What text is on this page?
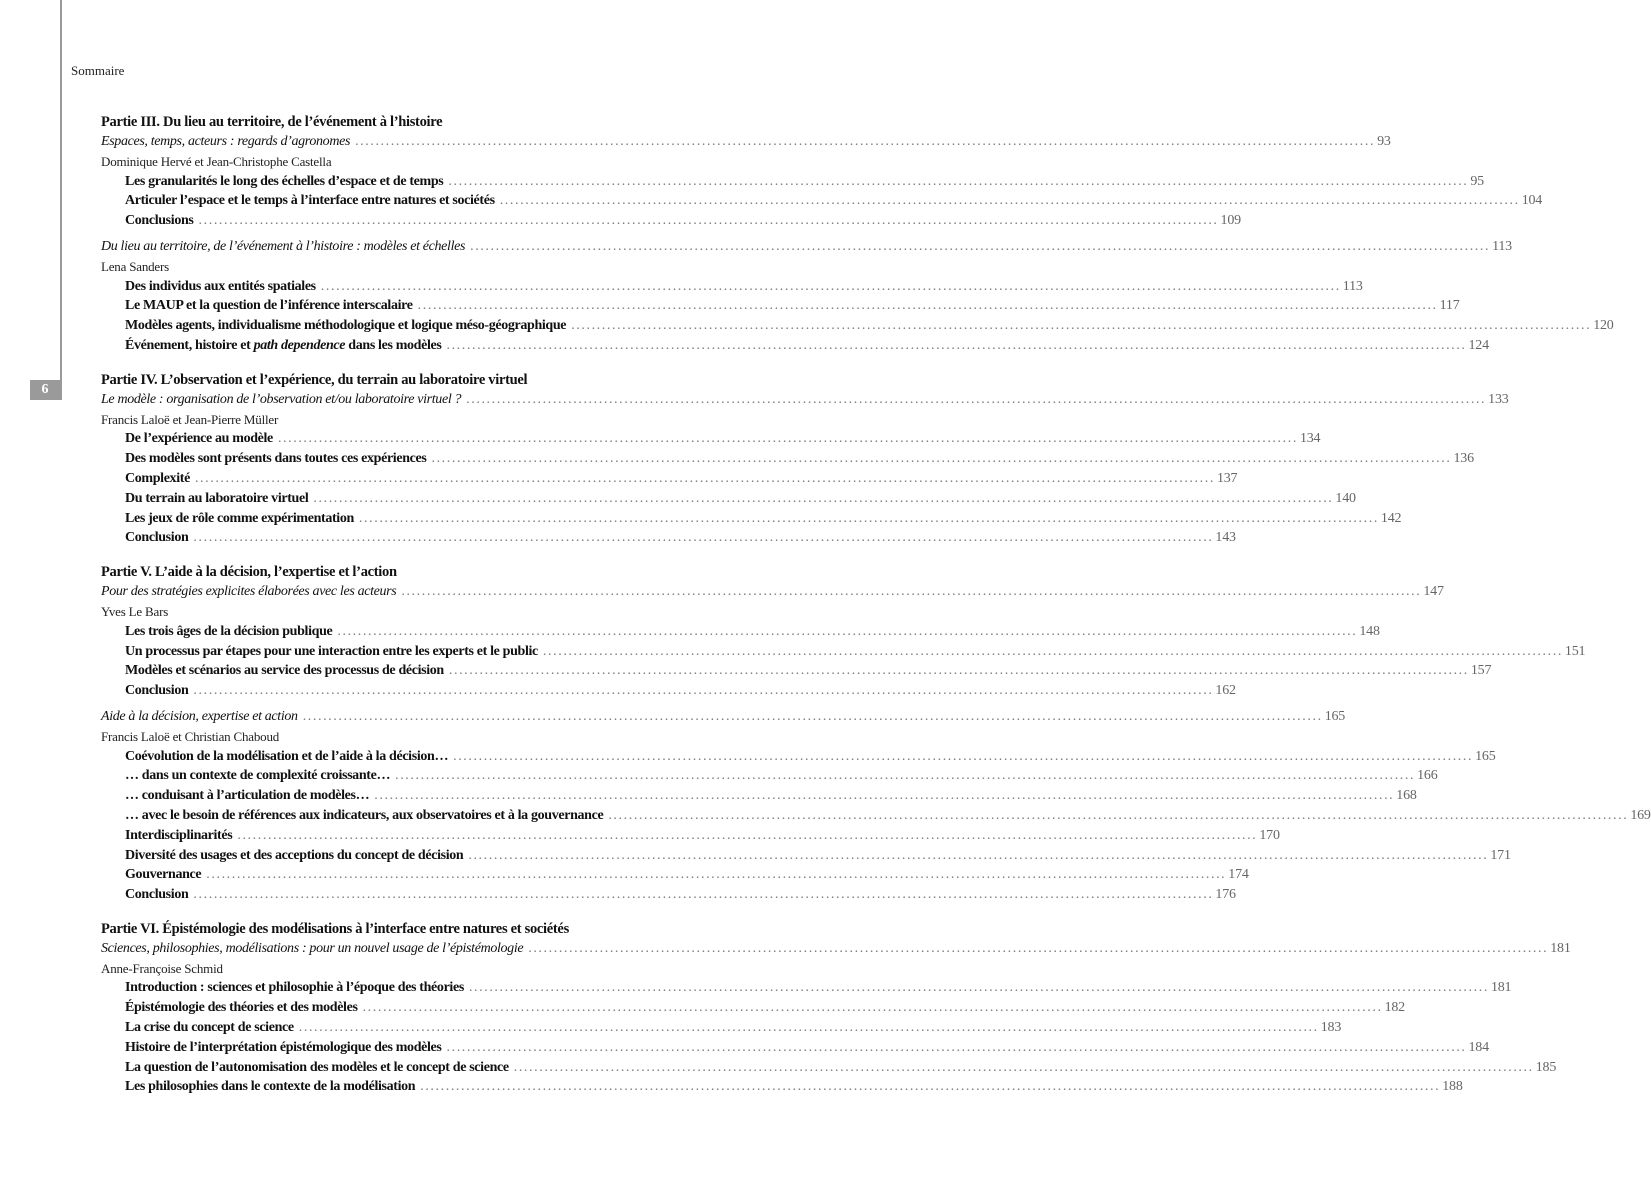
6
Sommaire
Partie III. Du lieu au territoire, de l’événement à l’histoire
Espaces, temps, acteurs : regards d’agronomes ........................................................................................................................................................................................................ 93
Dominique Hervé et Jean-Christophe Castella
Les granularités le long des échelles d’espace et de temps ........................................................................................................................................................................................................ 95
Articuler l’espace et le temps à l’interface entre natures et sociétés ........................................................................................................................................................................................................ 104
Conclusions ........................................................................................................................................................................................................ 109
Du lieu au territoire, de l’événement à l’histoire : modèles et échelles ........................................................................................................................................................................................................ 113
Lena Sanders
Des individus aux entités spatiales ........................................................................................................................................................................................................ 113
Le MAUP et la question de l’inférence interscalaire ........................................................................................................................................................................................................ 117
Modèles agents, individualisme méthodologique et logique méso-géographique ........................................................................................................................................................................................................ 120
Événement, histoire et path dependence dans les modèles ........................................................................................................................................................................................................ 124
Partie IV. L’observation et l’expérience, du terrain au laboratoire virtuel
Le modèle : organisation de l’observation et/ou laboratoire virtuel ? ........................................................................................................................................................................................................ 133
Francis Laloë et Jean-Pierre Müller
De l’expérience au modèle ........................................................................................................................................................................................................ 134
Des modèles sont présents dans toutes ces expériences ........................................................................................................................................................................................................ 136
Complexité ........................................................................................................................................................................................................ 137
Du terrain au laboratoire virtuel ........................................................................................................................................................................................................ 140
Les jeux de rôle comme expérimentation ........................................................................................................................................................................................................ 142
Conclusion ........................................................................................................................................................................................................ 143
Partie V. L’aide à la décision, l’expertise et l’action
Pour des stratégies explicites élaborées avec les acteurs ........................................................................................................................................................................................................ 147
Yves Le Bars
Les trois âges de la décision publique ........................................................................................................................................................................................................ 148
Un processus par étapes pour une interaction entre les experts et le public ........................................................................................................................................................................................................ 151
Modèles et scénarios au service des processus de décision ........................................................................................................................................................................................................ 157
Conclusion ........................................................................................................................................................................................................ 162
Aide à la décision, expertise et action ........................................................................................................................................................................................................ 165
Francis Laloë et Christian Chaboud
Coévolution de la modélisation et de l’aide à la décision… ........................................................................................................................................................................................................ 165
… dans un contexte de complexité croissante… ........................................................................................................................................................................................................ 166
… conduisant à l’articulation de modèles… ........................................................................................................................................................................................................ 168
… avec le besoin de références aux indicateurs, aux observatoires et à la gouvernance ........................................................................................................................................................................................................ 169
Interdisciplinarités ........................................................................................................................................................................................................ 170
Diversité des usages et des acceptions du concept de décision ........................................................................................................................................................................................................ 171
Gouvernance ........................................................................................................................................................................................................ 174
Conclusion ........................................................................................................................................................................................................ 176
Partie VI. Épistémologie des modélisations à l’interface entre natures et sociétés
Sciences, philosophies, modélisations : pour un nouvel usage de l’épistémologie ........................................................................................................................................................................................................ 181
Anne-Françoise Schmid
Introduction : sciences et philosophie à l’époque des théories ........................................................................................................................................................................................................ 181
Épistémologie des théories et des modèles ........................................................................................................................................................................................................ 182
La crise du concept de science ........................................................................................................................................................................................................ 183
Histoire de l’interprétation épistémologique des modèles ........................................................................................................................................................................................................ 184
La question de l’autonomisation des modèles et le concept de science ........................................................................................................................................................................................................ 185
Les philosophies dans le contexte de la modélisation ........................................................................................................................................................................................................ 188
